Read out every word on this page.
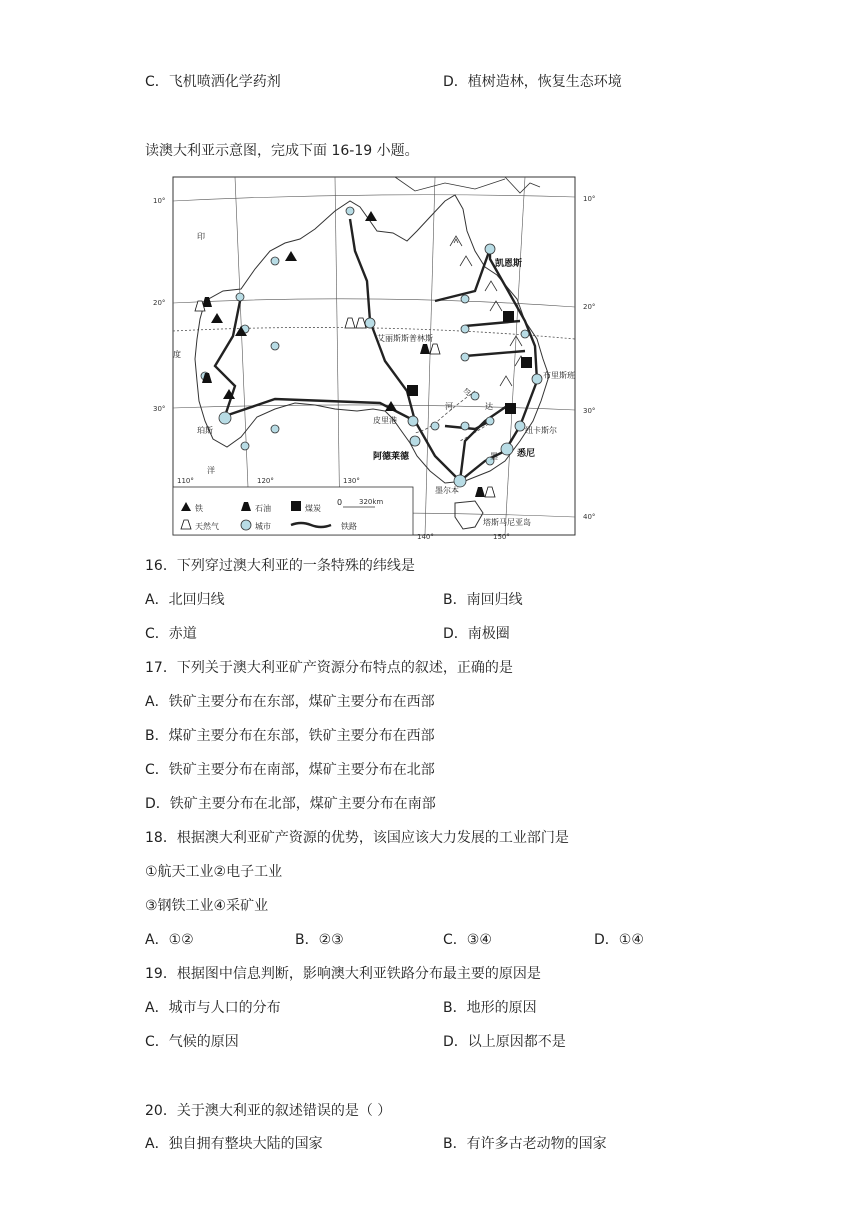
C．飞机喷洒化学药剂	D．植树造林，恢复生态环境
读澳大利亚示意图，完成下面 16-19 小题。
印
度
洋
凯恩斯
艾丽斯斯普林斯
布里斯班
纽卡斯尔
悉尼
墨尔本
阿德莱德
皮里港
珀斯
达
令
河
墨
塔斯马尼亚岛
10°	10°
20°	20°
30°	30°
40°
110°	120°	130°
140°	150°
铁	石油	煤炭
0 320km
天然气	城市	铁路
16．下列穿过澳大利亚的一条特殊的纬线是
A．北回归线	B．南回归线
C．赤道	D．南极圈
17．下列关于澳大利亚矿产资源分布特点的叙述，正确的是
A．铁矿主要分布在东部，煤矿主要分布在西部
B．煤矿主要分布在东部，铁矿主要分布在西部
C．铁矿主要分布在南部，煤矿主要分布在北部
D．铁矿主要分布在北部，煤矿主要分布在南部
18．根据澳大利亚矿产资源的优势，该国应该大力发展的工业部门是
①航天工业②电子工业
③钢铁工业④采矿业
A．①②	B．②③	C．③④	D．①④
19．根据图中信息判断，影响澳大利亚铁路分布最主要的原因是
A．城市与人口的分布	B．地形的原因
C．气候的原因	D．以上原因都不是
20．关于澳大利亚的叙述错误的是（ ）
A．独自拥有整块大陆的国家	B．有许多古老动物的国家
